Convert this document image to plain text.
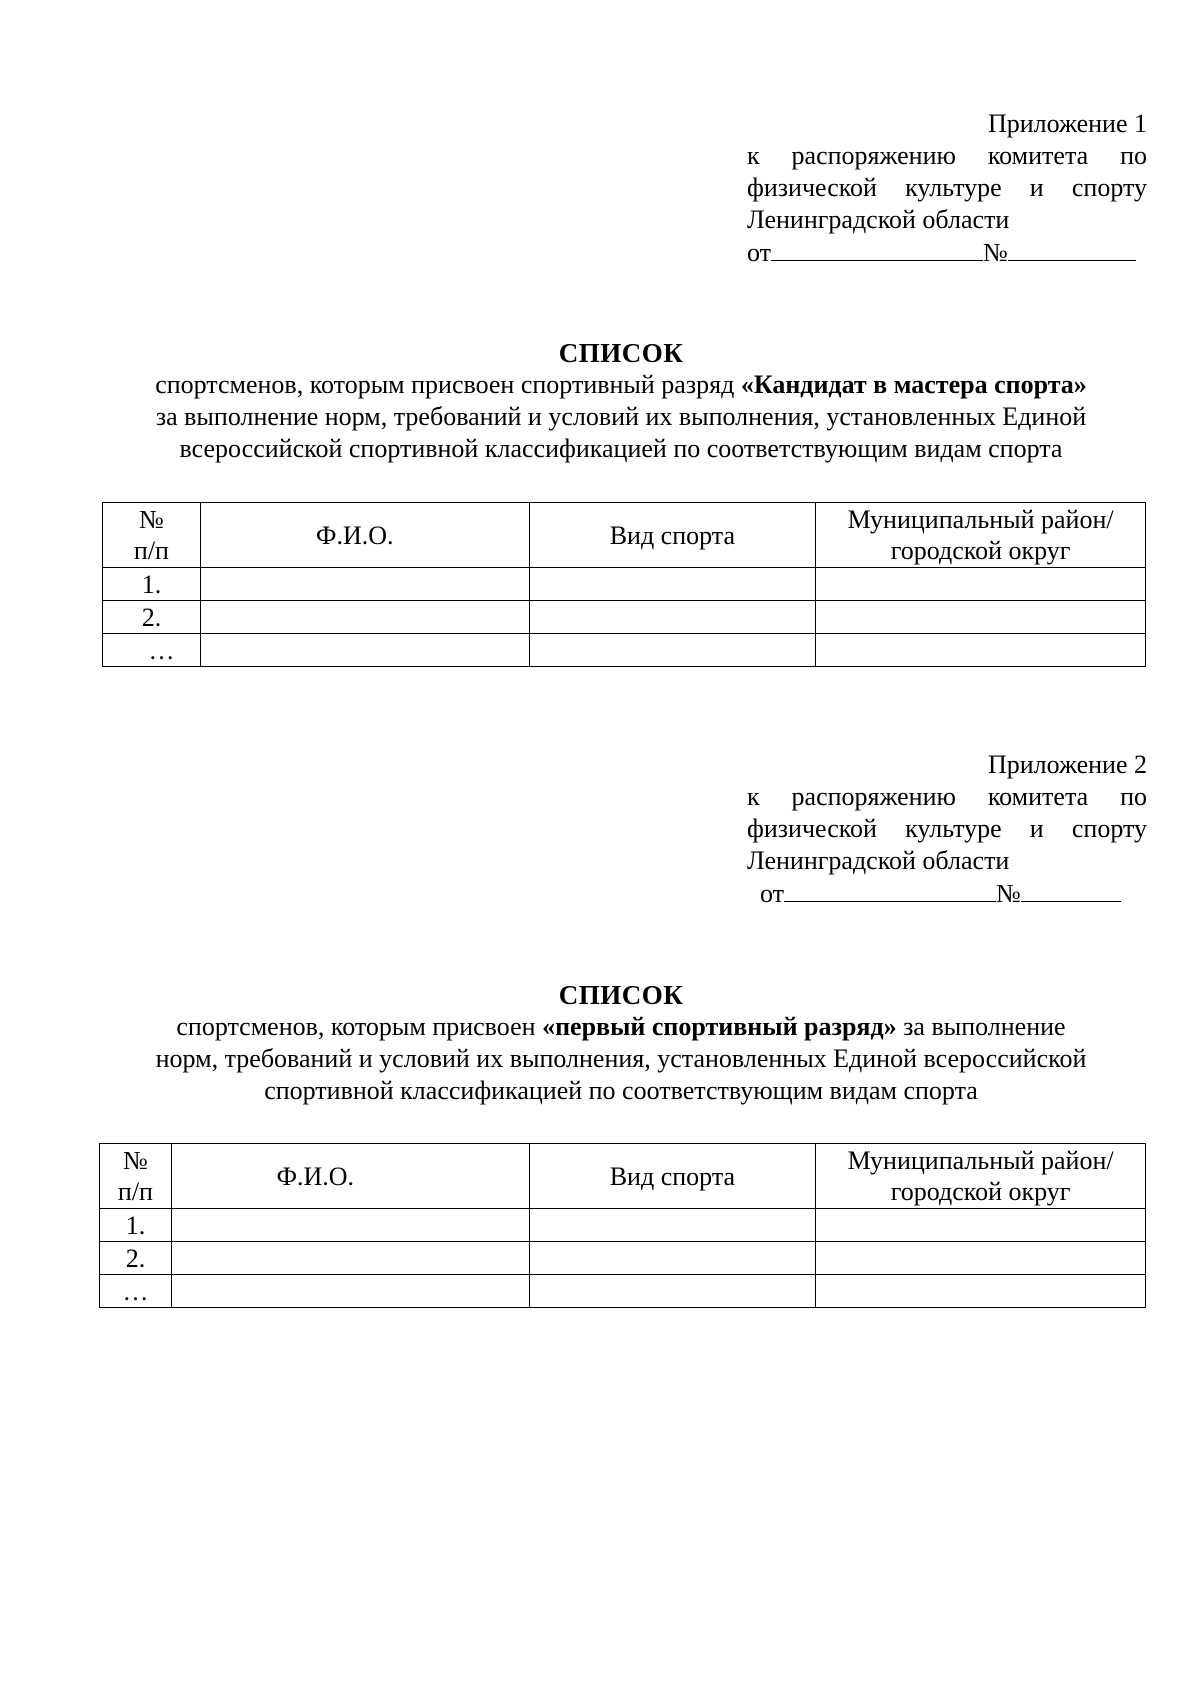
Приложение 1
к распоряжению комитета по
физической культуре и спорту
Ленинградской области
от	№
СПИСОК
спортсменов, которым присвоен спортивный разряд «Кандидат в мастера спорта»
за выполнение норм, требований и условий их выполнения, установленных Единой
всероссийской спортивной классификацией по соответствующим видам спорта
№
п/п	Ф.И.О.	Вид спорта	Муниципальный район/
городской округ
1.			
2.			
…			
Приложение 2
к распоряжению комитета по
физической культуре и спорту
Ленинградской области
от	№
СПИСОК
спортсменов, которым присвоен «первый спортивный разряд» за выполнение
норм, требований и условий их выполнения, установленных Единой всероссийской
спортивной классификацией по соответствующим видам спорта
№
п/п	Ф.И.О.	Вид спорта	Муниципальный район/
городской округ
1.			
2.			
…			
